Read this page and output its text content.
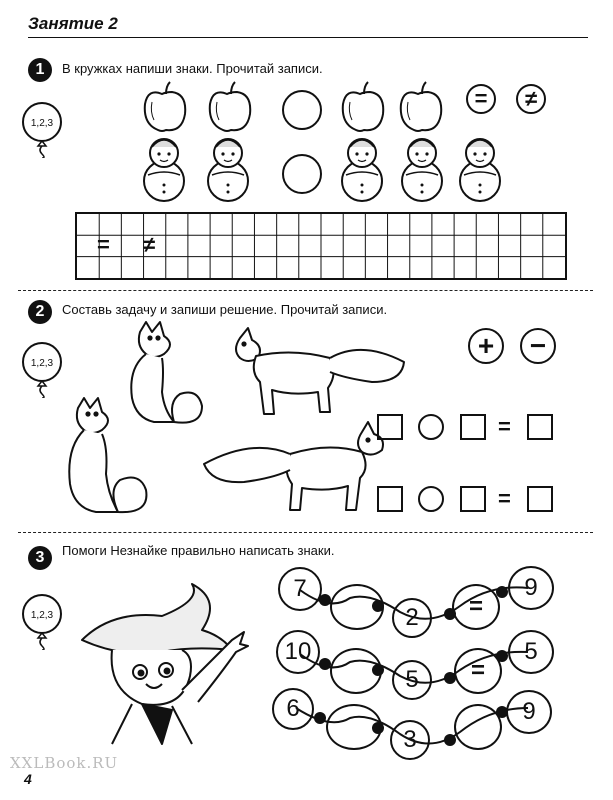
Занятие 2
1	В кружках напиши знаки. Прочитай записи.
1,2,3
=	≠
= ≠
2	Составь задачу и запиши решение. Прочитай записи.
1,2,3
+	−
=
=
3	Помоги Незнайке правильно написать знаки.
1,2,3
7
2	=
9
10
5	=
5
6
3
9
XXLBook.RU
4
